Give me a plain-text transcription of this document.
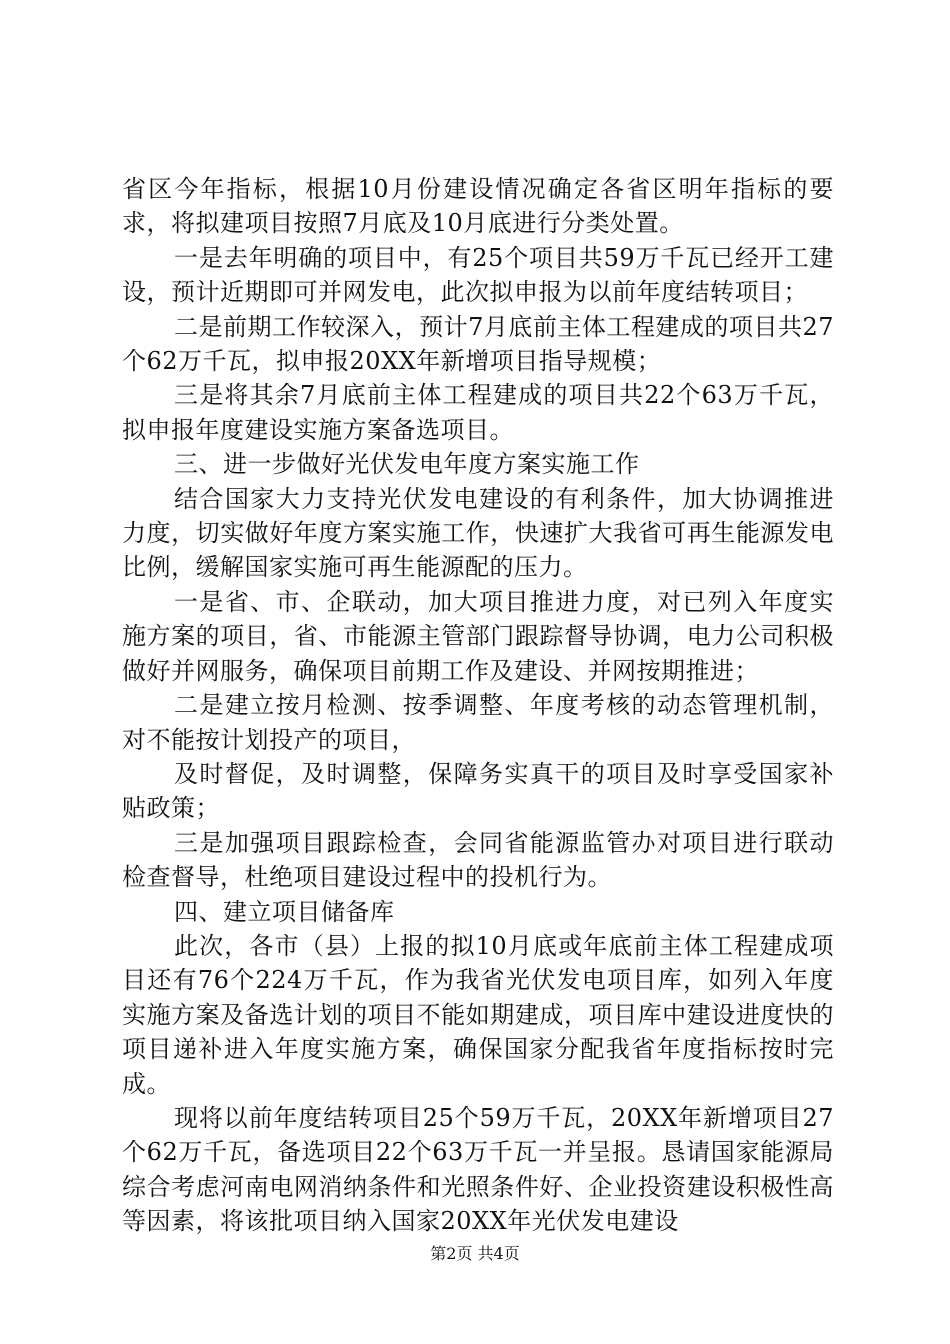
省区今年指标，根据10月份建设情况确定各省区明年指标的要求，将拟建项目按照7月底及10月底进行分类处置。

一是去年明确的项目中，有25个项目共59万千瓦已经开工建设，预计近期即可并网发电，此次拟申报为以前年度结转项目；

二是前期工作较深入，预计7月底前主体工程建成的项目共27个62万千瓦，拟申报20XX年新增项目指导规模；

三是将其余7月底前主体工程建成的项目共22个63万千瓦，拟申报年度建设实施方案备选项目。

三、进一步做好光伏发电年度方案实施工作

结合国家大力支持光伏发电建设的有利条件，加大协调推进力度，切实做好年度方案实施工作，快速扩大我省可再生能源发电比例，缓解国家实施可再生能源配的压力。

一是省、市、企联动，加大项目推进力度，对已列入年度实施方案的项目，省、市能源主管部门跟踪督导协调，电力公司积极做好并网服务，确保项目前期工作及建设、并网按期推进；

二是建立按月检测、按季调整、年度考核的动态管理机制，对不能按计划投产的项目，

及时督促，及时调整，保障务实真干的项目及时享受国家补贴政策；

三是加强项目跟踪检查，会同省能源监管办对项目进行联动检查督导，杜绝项目建设过程中的投机行为。

四、建立项目储备库

此次，各市（县）上报的拟10月底或年底前主体工程建成项目还有76个224万千瓦，作为我省光伏发电项目库，如列入年度实施方案及备选计划的项目不能如期建成，项目库中建设进度快的项目递补进入年度实施方案，确保国家分配我省年度指标按时完成。

现将以前年度结转项目25个59万千瓦，20XX年新增项目27个62万千瓦，备选项目22个63万千瓦一并呈报。恳请国家能源局综合考虑河南电网消纳条件和光照条件好、企业投资建设积极性高等因素，将该批项目纳入国家20XX年光伏发电建设

第2页 共4页
